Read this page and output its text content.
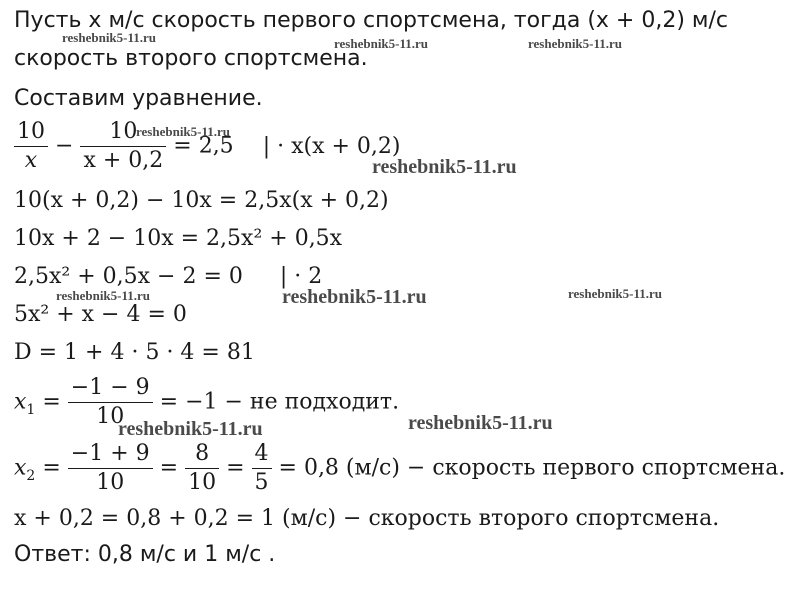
Пусть x м/с скорость первого спортсмена, тогда (x + 0,2) м/с
скорость второго спортсмена.
Составим уравнение.
$\frac{10}{x} - \frac{10}{x + 0,2} = 2,5$ | · x(x + 0,2)
10(x + 0,2) − 10x = 2,5x(x + 0,2)
10x + 2 − 10x = 2,5x² + 0,5x
2,5x² + 0,5x − 2 = 0 | · 2
5x² + x − 4 = 0
D = 1 + 4 · 5 · 4 = 81
$x_1 = \frac{-1 - 9}{10} = -1$ − не подходит.
$x_2 = \frac{-1 + 9}{10} = \frac{8}{10} = \frac{4}{5} = 0,8$ (м/с) − скорость первого спортсмена.
x + 0,2 = 0,8 + 0,2 = 1 (м/с) − скорость второго спортсмена.
Ответ: 0,8 м/с и 1 м/с .
reshebnik5-11.ru	reshebnik5-11.ru	reshebnik5-11.ru
reshebnik5-11.ru
reshebnik5-11.ru
reshebnik5-11.ru	reshebnik5-11.ru	reshebnik5-11.ru
reshebnik5-11.ru	reshebnik5-11.ru
